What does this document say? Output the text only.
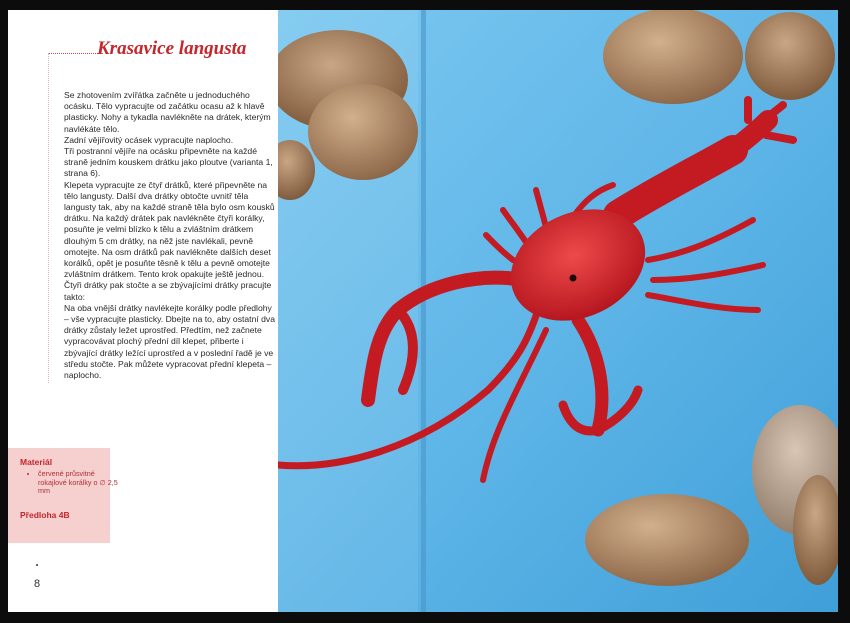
Krasavice langusta

Se zhotovením zvířátka začněte u jednoduchého ocásku. Tělo vypracujte od začátku ocasu až k hlavě plasticky. Nohy a tykadla navlékněte na drátek, kterým navlékáte tělo.

Zadní vějířovitý ocásek vypracujte naplocho.

Tři postranní vějíře na ocásku připevněte na každé straně jedním kouskem drátku jako ploutve (varianta 1, strana 6).

Klepeta vypracujte ze čtyř drátků, které připevněte na tělo langusty. Další dva drátky obtočte uvnitř těla langusty tak, aby na každé straně těla bylo osm kousků drátku. Na každý drátek pak navlékněte čtyři korálky, posuňte je velmi blízko k tělu a zvláštním drátkem dlouhým 5 cm drátky, na něž jste navlékali, pevně omotejte. Na osm drátků pak navlékněte dalších deset korálků, opět je posuňte těsně k tělu a pevně omotejte zvláštním drátkem. Tento krok opakujte ještě jednou. Čtyři drátky pak stočte a se zbývajícími drátky pracujte takto:

Na oba vnější drátky navlékejte korálky podle předlohy – vše vypracujte plasticky. Dbejte na to, aby ostatní dva drátky zůstaly ležet uprostřed. Předtím, než začnete vypracovávat plochý přední díl klepet, přiberte i zbývající drátky ležící uprostřed a v poslední řadě je ve středu stočte. Pak můžete vypracovat přední klepeta – naplocho.

Materiál
• červené průsvitné rokajlové korálky o ∅ 2,5 mm
Předloha 4B
8
